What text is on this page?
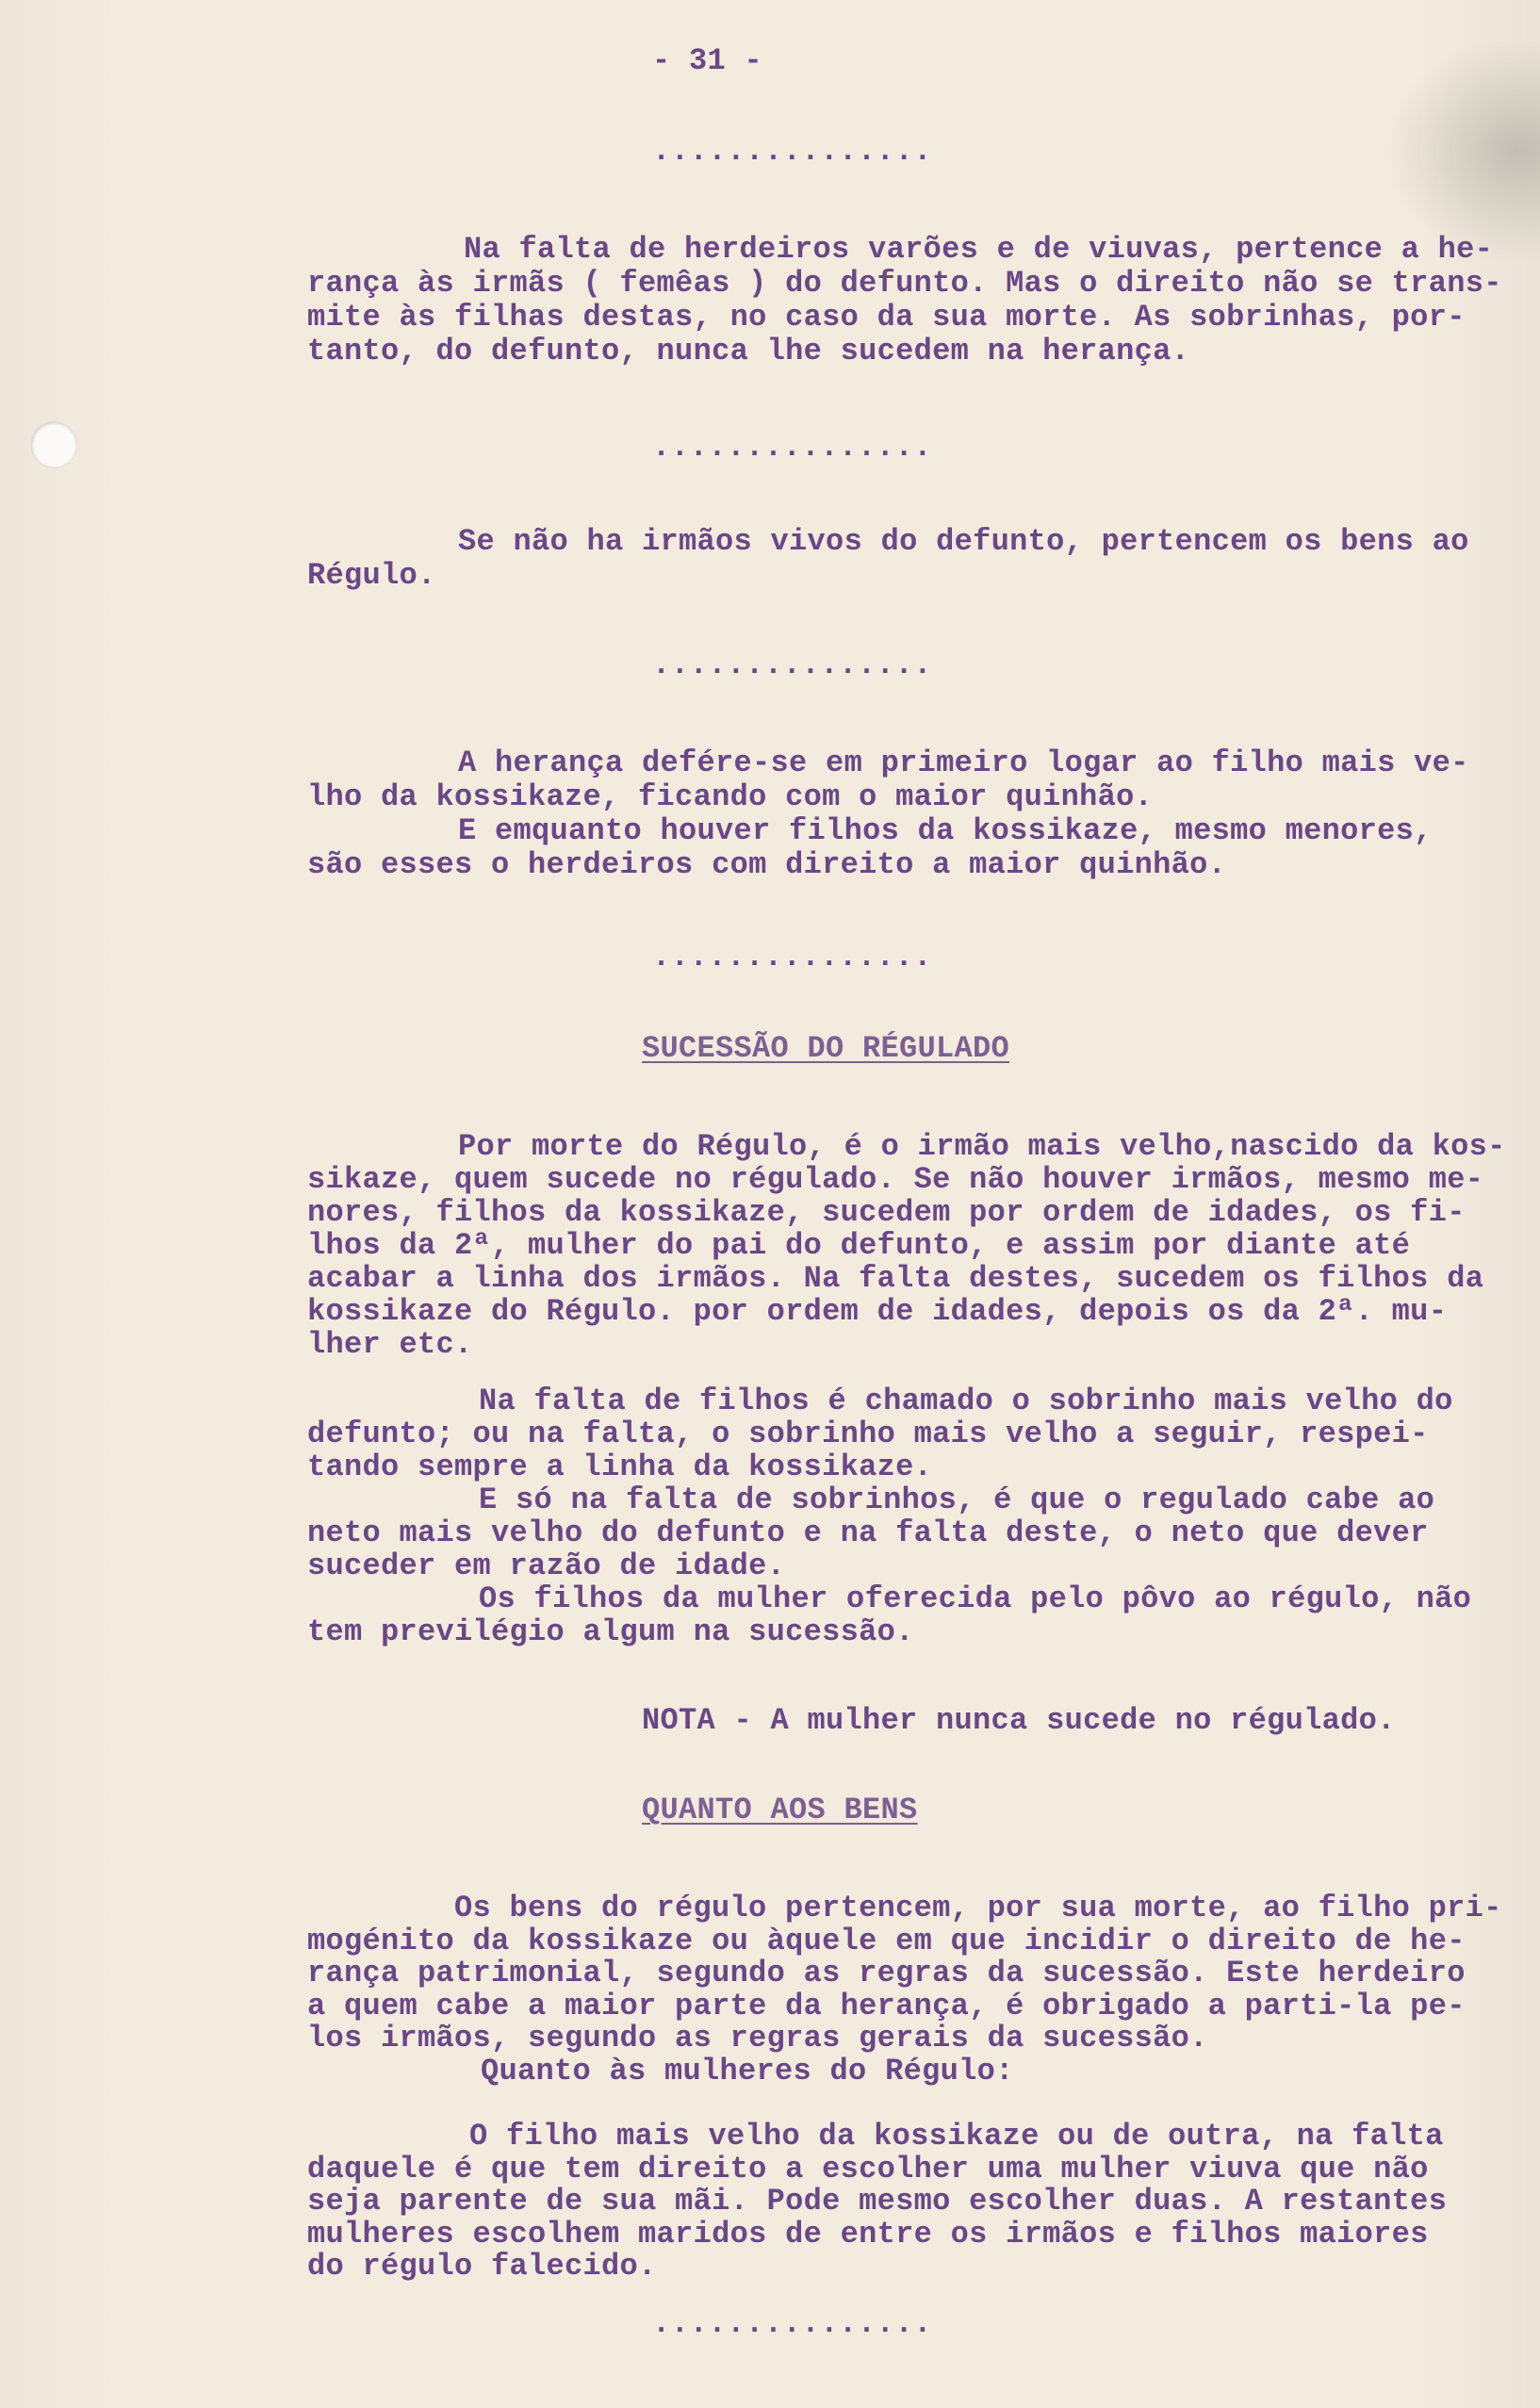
- 31 -
...............
Na falta de herdeiros varões e de viuvas, pertence a he-
rança às irmãs ( femêas ) do defunto. Mas o direito não se trans-
mite às filhas destas, no caso da sua morte. As sobrinhas, por-
tanto, do defunto, nunca lhe sucedem na herança.
...............
Se não ha irmãos vivos do defunto, pertencem os bens ao
Régulo.
...............
A herança defére-se em primeiro logar ao filho mais ve-
lho da kossikaze, ficando com o maior quinhão.
E emquanto houver filhos da kossikaze, mesmo menores,
são esses o herdeiros com direito a maior quinhão.
...............
SUCESSÃO DO RÉGULADO
Por morte do Régulo, é o irmão mais velho,nascido da kos-
sikaze, quem sucede no régulado. Se não houver irmãos, mesmo me-
nores, filhos da kossikaze, sucedem por ordem de idades, os fi-
lhos da 2ª, mulher do pai do defunto, e assim por diante até
acabar a linha dos irmãos. Na falta destes, sucedem os filhos da
kossikaze do Régulo. por ordem de idades, depois os da 2ª. mu-
lher etc.
Na falta de filhos é chamado o sobrinho mais velho do
defunto; ou na falta, o sobrinho mais velho a seguir, respei-
tando sempre a linha da kossikaze.
E só na falta de sobrinhos, é que o regulado cabe ao
neto mais velho do defunto e na falta deste, o neto que dever
suceder em razão de idade.
Os filhos da mulher oferecida pelo pôvo ao régulo, não
tem previlégio algum na sucessão.
NOTA - A mulher nunca sucede no régulado.
QUANTO AOS BENS
Os bens do régulo pertencem, por sua morte, ao filho pri-
mogénito da kossikaze ou àquele em que incidir o direito de he-
rança patrimonial, segundo as regras da sucessão. Este herdeiro
a quem cabe a maior parte da herança, é obrigado a parti-la pe-
los irmãos, segundo as regras gerais da sucessão.
Quanto às mulheres do Régulo:
O filho mais velho da kossikaze ou de outra, na falta
daquele é que tem direito a escolher uma mulher viuva que não
seja parente de sua mãi. Pode mesmo escolher duas. A restantes
mulheres escolhem maridos de entre os irmãos e filhos maiores
do régulo falecido.
...............
